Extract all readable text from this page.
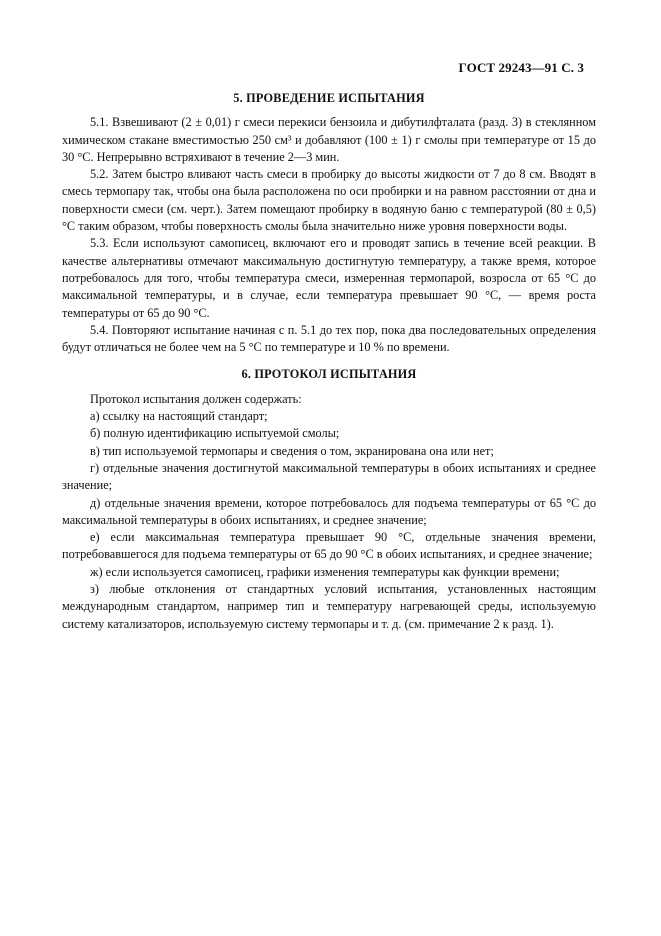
ГОСТ 29243—91 С. 3
5. ПРОВЕДЕНИЕ ИСПЫТАНИЯ

5.1. Взвешивают (2 ± 0,01) г смеси перекиси бензоила и дибутилфталата (разд. 3) в стеклянном химическом стакане вместимостью 250 см³ и добавляют (100 ± 1) г смолы при температуре от 15 до 30 °С. Непрерывно встряхивают в течение 2—3 мин.

5.2. Затем быстро вливают часть смеси в пробирку до высоты жидкости от 7 до 8 см. Вводят в смесь термопару так, чтобы она была расположена по оси пробирки и на равном расстоянии от дна и поверхности смеси (см. черт.). Затем помещают пробирку в водяную баню с температурой (80 ± 0,5) °С таким образом, чтобы поверхность смолы была значительно ниже уровня поверхности воды.

5.3. Если используют самописец, включают его и проводят запись в течение всей реакции. В качестве альтернативы отмечают максимальную достигнутую температуру, а также время, которое потребовалось для того, чтобы температура смеси, измеренная термопарой, возросла от 65 °С до максимальной температуры, и в случае, если температура превышает 90 °С, — время роста температуры от 65 до 90 °С.

5.4. Повторяют испытание начиная с п. 5.1 до тех пор, пока два последовательных определения будут отличаться не более чем на 5 °С по температуре и 10 % по времени.

6. ПРОТОКОЛ ИСПЫТАНИЯ

Протокол испытания должен содержать:

а) ссылку на настоящий стандарт;

б) полную идентификацию испытуемой смолы;

в) тип используемой термопары и сведения о том, экранирована она или нет;

г) отдельные значения достигнутой максимальной температуры в обоих испытаниях и среднее значение;

д) отдельные значения времени, которое потребовалось для подъема температуры от 65 °С до максимальной температуры в обоих испытаниях, и среднее значение;

е) если максимальная температура превышает 90 °С, отдельные значения времени, потребовавшегося для подъема температуры от 65 до 90 °С в обоих испытаниях, и среднее значение;

ж) если используется самописец, графики изменения температуры как функции времени;

з) любые отклонения от стандартных условий испытания, установленных настоящим международным стандартом, например тип и температуру нагревающей среды, используемую систему катализаторов, используемую систему термопары и т. д. (см. примечание 2 к разд. 1).
